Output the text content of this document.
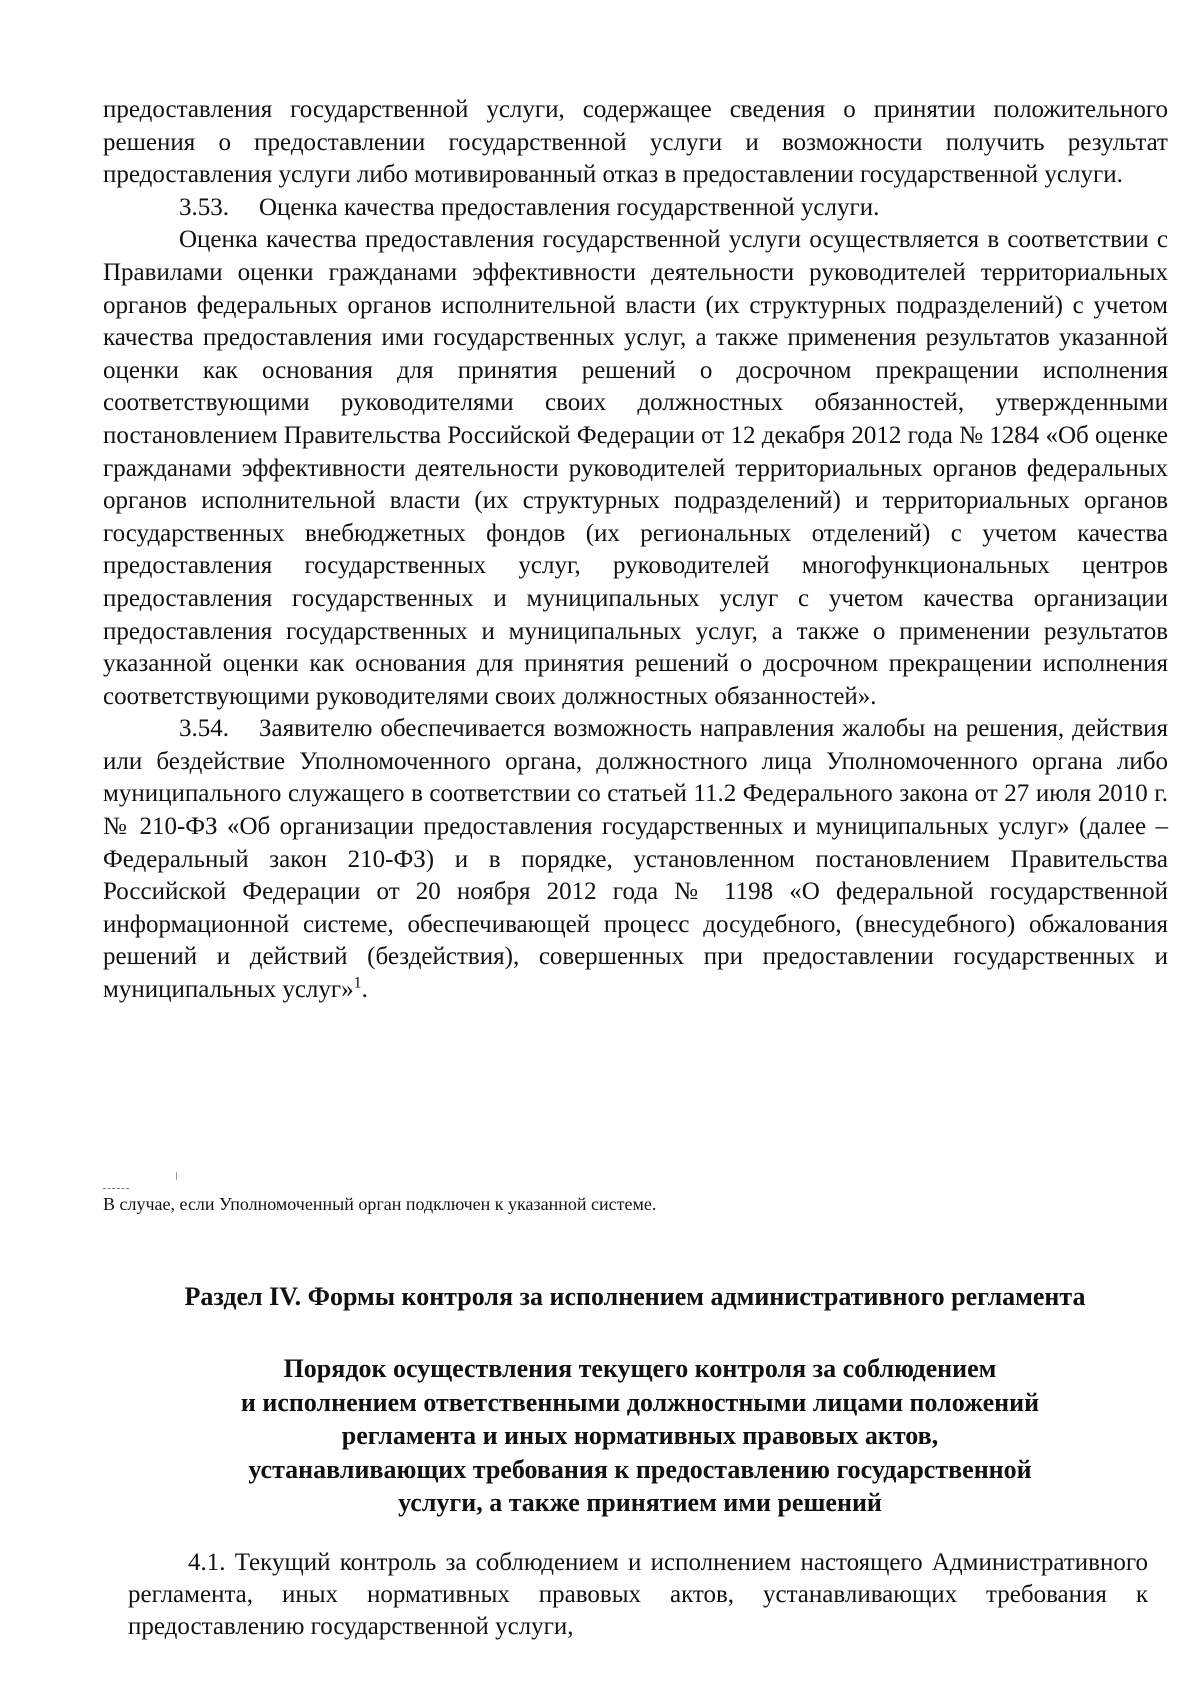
предоставления государственной услуги, содержащее сведения о принятии положительного решения о предоставлении государственной услуги и возможности получить результат предоставления услуги либо мотивированный отказ в предоставлении государственной услуги.

3.53. Оценка качества предоставления государственной услуги.

Оценка качества предоставления государственной услуги осуществляется в соответствии с Правилами оценки гражданами эффективности деятельности руководителей территориальных органов федеральных органов исполнительной власти (их структурных подразделений) с учетом качества предоставления ими государственных услуг, а также применения результатов указанной оценки как основания для принятия решений о досрочном прекращении исполнения соответствующими руководителями своих должностных обязанностей, утвержденными постановлением Правительства Российской Федерации от 12 декабря 2012 года № 1284 «Об оценке гражданами эффективности деятельности руководителей территориальных органов федеральных органов исполнительной власти (их структурных подразделений) и территориальных органов государственных внебюджетных фондов (их региональных отделений) с учетом качества предоставления государственных услуг, руководителей многофункциональных центров предоставления государственных и муниципальных услуг с учетом качества организации предоставления государственных и муниципальных услуг, а также о применении результатов указанной оценки как основания для принятия решений о досрочном прекращении исполнения соответствующими руководителями своих должностных обязанностей».

3.54. Заявителю обеспечивается возможность направления жалобы на решения, действия или бездействие Уполномоченного органа, должностного лица Уполномоченного органа либо муниципального служащего в соответствии со статьей 11.2 Федерального закона от 27 июля 2010 г. № 210-ФЗ «Об организации предоставления государственных и муниципальных услуг» (далее – Федеральный закон 210-ФЗ) и в порядке, установленном постановлением Правительства Российской Федерации от 20 ноября 2012 года № 1198 «О федеральной государственной информационной системе, обеспечивающей процесс досудебного, (внесудебного) обжалования решений и действий (бездействия), совершенных при предоставлении государственных и муниципальных услуг»$^1$.

В случае, если Уполномоченный орган подключен к указанной системе.
Раздел IV. Формы контроля за исполнением административного регламента

Порядок осуществления текущего контроля за соблюдением

и исполнением ответственными должностными лицами положений

регламента и иных нормативных правовых актов,

устанавливающих требования к предоставлению государственной

услуги, а также принятием ими решений

4.1. Текущий контроль за соблюдением и исполнением настоящего Административного регламента, иных нормативных правовых актов, устанавливающих требования к предоставлению государственной услуги,
